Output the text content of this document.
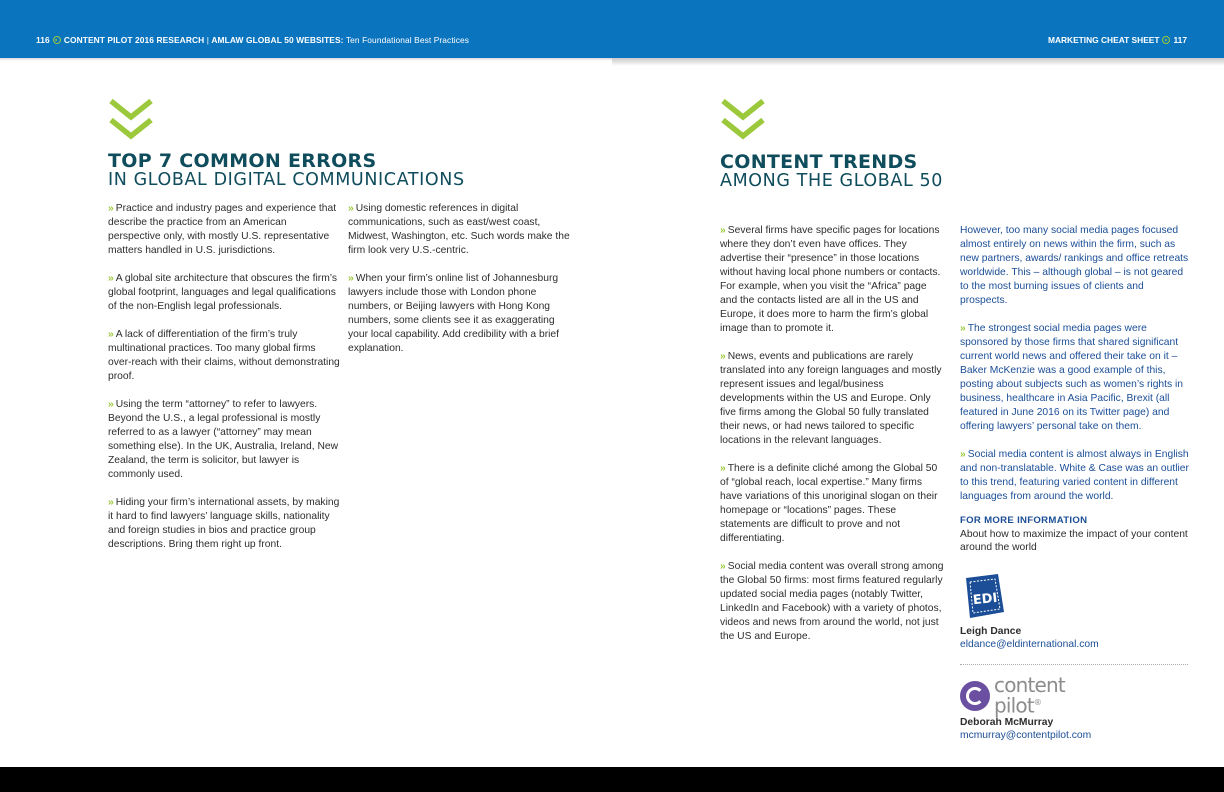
116 CONTENT PILOT 2016 RESEARCH | AMLAW GLOBAL 50 WEBSITES: Ten Foundational Best Practices	MARKETING CHEAT SHEET 117
TOP 7 COMMON ERRORS
IN GLOBAL DIGITAL COMMUNICATIONS

» Practice and industry pages and experience that describe the practice from an American perspective only, with mostly U.S. representative matters handled in U.S. jurisdictions.

» A global site architecture that obscures the firm’s global footprint, languages and legal qualifications of the non-English legal professionals.

» A lack of differentiation of the firm’s truly multinational practices. Too many global firms over-reach with their claims, without demonstrating proof.

» Using the term “attorney” to refer to lawyers. Beyond the U.S., a legal professional is mostly referred to as a lawyer (“attorney” may mean something else). In the UK, Australia, Ireland, New Zealand, the term is solicitor, but lawyer is commonly used.

» Hiding your firm’s international assets, by making it hard to find lawyers’ language skills, nationality and foreign studies in bios and practice group descriptions. Bring them right up front.

» Using domestic references in digital communications, such as east/west coast, Midwest, Washington, etc. Such words make the firm look very U.S.-centric.

» When your firm’s online list of Johannesburg lawyers include those with London phone numbers, or Beijing lawyers with Hong Kong numbers, some clients see it as exaggerating your local capability. Add credibility with a brief explanation.

CONTENT TRENDS
AMONG THE GLOBAL 50

» Several firms have specific pages for locations where they don’t even have offices. They advertise their “presence” in those locations without having local phone numbers or contacts. For example, when you visit the “Africa” page and the contacts listed are all in the US and Europe, it does more to harm the firm’s global image than to promote it.

» News, events and publications are rarely translated into any foreign languages and mostly represent issues and legal/business developments within the US and Europe. Only five firms among the Global 50 fully translated their news, or had news tailored to specific locations in the relevant languages.

» There is a definite cliché among the Global 50 of “global reach, local expertise.” Many firms have variations of this unoriginal slogan on their homepage or “locations” pages. These statements are difficult to prove and not differentiating.

» Social media content was overall strong among the Global 50 firms: most firms featured regularly updated social media pages (notably Twitter, LinkedIn and Facebook) with a variety of photos, videos and news from around the world, not just the US and Europe.

However, too many social media pages focused almost entirely on news within the firm, such as new partners, awards/ rankings and office retreats worldwide. This – although global – is not geared to the most burning issues of clients and prospects.

» The strongest social media pages were sponsored by those firms that shared significant current world news and offered their take on it – Baker McKenzie was a good example of this, posting about subjects such as women’s rights in business, healthcare in Asia Pacific, Brexit (all featured in June 2016 on its Twitter page) and offering lawyers’ personal take on them.

» Social media content is almost always in English and non-translatable. White & Case was an outlier to this trend, featuring varied content in different languages from around the world.

FOR MORE INFORMATION
About how to maximize the impact of your content around the world
EDI
Leigh Dance
eldance@eldinternational.com
content
pilot®
Deborah McMurray
mcmurray@contentpilot.com
